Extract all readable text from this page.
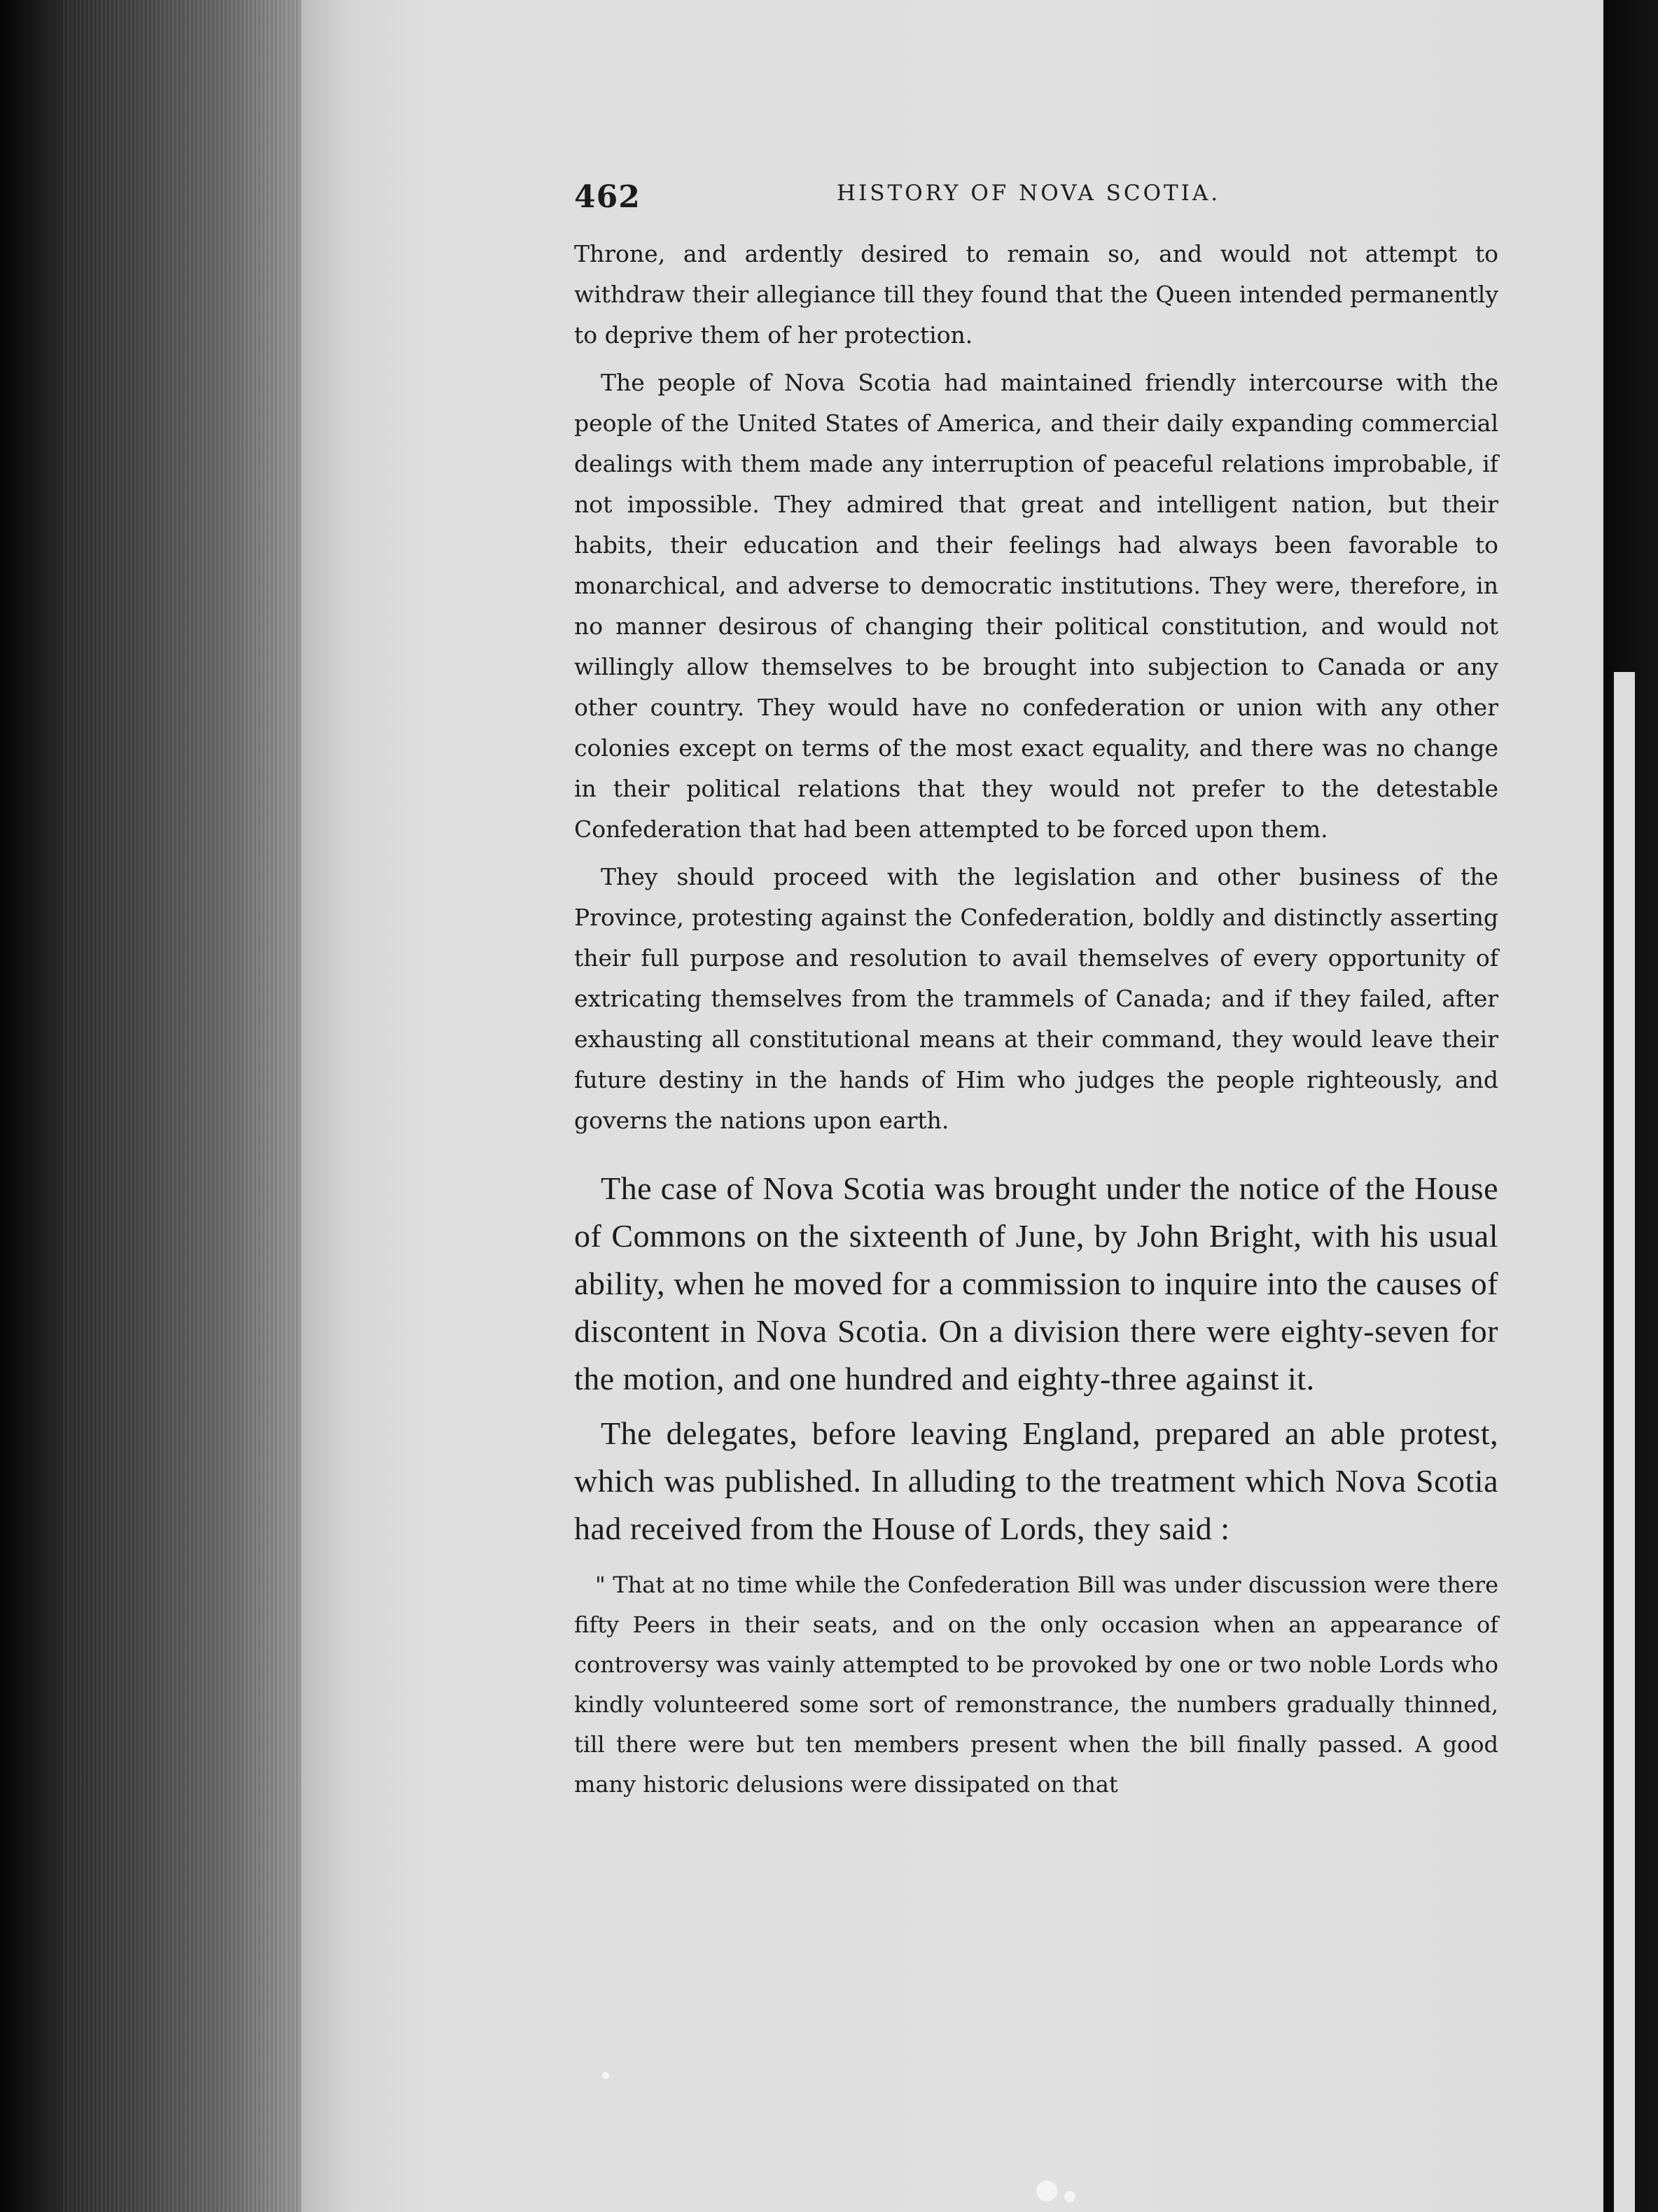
462	HISTORY OF NOVA SCOTIA.

Throne, and ardently desired to remain so, and would not attempt to withdraw their allegiance till they found that the Queen intended permanently to deprive them of her protection.

The people of Nova Scotia had maintained friendly intercourse with the people of the United States of America, and their daily expanding commercial dealings with them made any interruption of peaceful relations improbable, if not impossible. They admired that great and intelligent nation, but their habits, their education and their feelings had always been favorable to monarchical, and adverse to democratic institutions. They were, therefore, in no manner desirous of changing their political constitution, and would not willingly allow themselves to be brought into subjection to Canada or any other country. They would have no confederation or union with any other colonies except on terms of the most exact equality, and there was no change in their political relations that they would not prefer to the detestable Confederation that had been attempted to be forced upon them.

They should proceed with the legislation and other business of the Province, protesting against the Confederation, boldly and distinctly asserting their full purpose and resolution to avail themselves of every opportunity of extricating themselves from the trammels of Canada; and if they failed, after exhausting all constitutional means at their command, they would leave their future destiny in the hands of Him who judges the people righteously, and governs the nations upon earth.

The case of Nova Scotia was brought under the notice of the House of Commons on the sixteenth of June, by John Bright, with his usual ability, when he moved for a commission to inquire into the causes of discontent in Nova Scotia. On a division there were eighty-seven for the motion, and one hundred and eighty-three against it.

The delegates, before leaving England, prepared an able protest, which was published. In alluding to the treatment which Nova Scotia had received from the House of Lords, they said :

" That at no time while the Confederation Bill was under discussion were there fifty Peers in their seats, and on the only occasion when an appearance of controversy was vainly attempted to be provoked by one or two noble Lords who kindly volunteered some sort of remonstrance, the numbers gradually thinned, till there were but ten members present when the bill finally passed. A good many historic delusions were dissipated on that
